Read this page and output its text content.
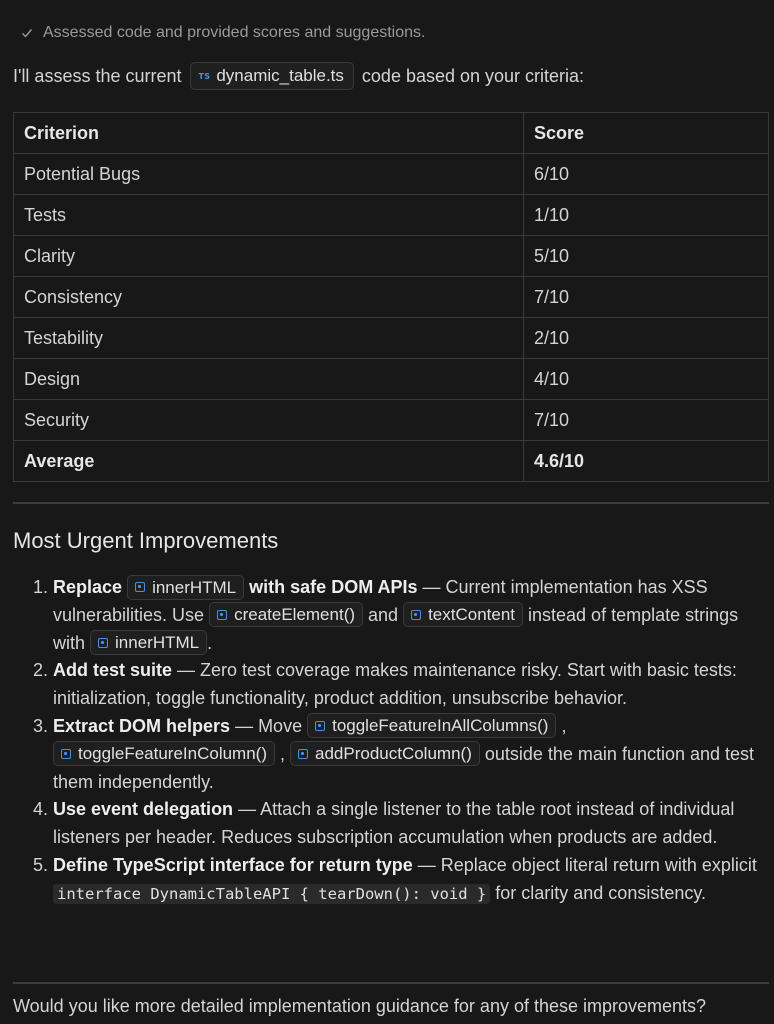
Assessed code and provided scores and suggestions.
I'll assess the current TS dynamic_table.ts code based on your criteria:
Criterion	Score
Potential Bugs	6/10
Tests	1/10
Clarity	5/10
Consistency	7/10
Testability	2/10
Design	4/10
Security	7/10
Average	4.6/10
Most Urgent Improvements
1. Replace innerHTML with safe DOM APIs — Current implementation has XSS vulnerabilities. Use createElement() and textContent instead of template strings with innerHTML .
2. Add test suite — Zero test coverage makes maintenance risky. Start with basic tests: initialization, toggle functionality, product addition, unsubscribe behavior.
3. Extract DOM helpers — Move toggleFeatureInAllColumns() ,
toggleFeatureInColumn() , addProductColumn() outside the main function and test them independently.
4. Use event delegation — Attach a single listener to the table root instead of individual listeners per header. Reduces subscription accumulation when products are added.
5. Define TypeScript interface for return type — Replace object literal return with explicit interface DynamicTableAPI { tearDown(): void } for clarity and consistency.
Would you like more detailed implementation guidance for any of these improvements?
